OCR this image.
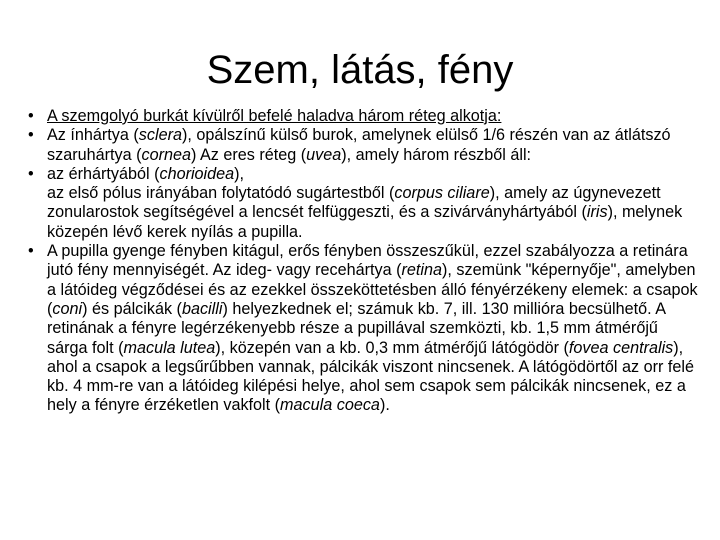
Szem, látás, fény
• A szemgolyó burkát kívülről befelé haladva három réteg alkotja:
• Az ínhártya (sclera), opálszínű külső burok, amelynek elülső 1/6 részén van az átlátszó szaruhártya (cornea) Az eres réteg (uvea), amely három részből áll:
• az érhártyából (chorioidea),
az első pólus irányában folytatódó sugártestből (corpus ciliare), amely az úgynevezett zonularostok segítségével a lencsét felfüggeszti, és a szivárványhártyából (iris), melynek közepén lévő kerek nyílás a pupilla.
• A pupilla gyenge fényben kitágul, erős fényben összeszűkül, ezzel szabályozza a retinára jutó fény mennyiségét. Az ideg- vagy recehártya (retina), szemünk "képernyője", amelyben a látóideg végződései és az ezekkel összeköttetésben álló fényérzékeny elemek: a csapok (coni) és pálcikák (bacilli) helyezkednek el; számuk kb. 7, ill. 130 millióra becsülhető. A retinának a fényre legérzékenyebb része a pupillával szemközti, kb. 1,5 mm átmérőjű sárga folt (macula lutea), közepén van a kb. 0,3 mm átmérőjű látógödör (fovea centralis), ahol a csapok a legsűrűbben vannak, pálcikák viszont nincsenek. A látógödörtől az orr felé kb. 4 mm-re van a látóideg kilépési helye, ahol sem csapok sem pálcikák nincsenek, ez a hely a fényre érzéketlen vakfolt (macula coeca).
